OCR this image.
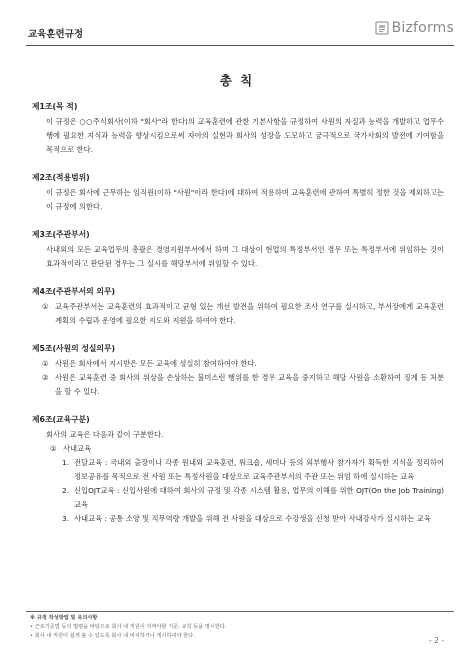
교육훈련규정	Bizforms
총 칙
제1조(목 적)
이 규정은 ○○주식회사(이하 "회사"라 한다)의 교육훈련에 관한 기본사항을 규정하여 사원의 자질과 능력을 개발하고 업무수행에 필요한 지식과 능력을 향상시킴으로써 자아의 실현과 회사의 성장을 도모하고 궁극적으로 국가사회의 발전에 기여함을 목적으로 한다.
제2조(적용범위)
이 규정은 회사에 근무하는 임직원(이하 "사원"이라 한다)에 대하여 적용하며 교육훈련에 관하여 특별히 정한 것을 제외하고는 이 규정에 의한다.
제3조(주관부서)
사내외의 모든 교육업무의 총괄은 경영지원부서에서 하며 그 대상이 현업의 특정부서인 경우 또는 특정부서에 위임하는 것이 효과적이라고 판단된 경우는 그 실시를 해당부서에 위임할 수 있다.
제4조(주관부서의 의무)
① 교육주관부서는 교육훈련의 효과적이고 균형 있는 개선 발전을 위하여 필요한 조사 연구를 실시하고, 부서장에게 교육훈련계획의 수립과 운영에 필요한 지도와 지원을 하여야 한다.
제5조(사원의 성실의무)
① 사원은 회사에서 지시받은 모든 교육에 성실히 참여하여야 한다.
② 사원은 교육훈련 중 회사의 위상을 손상하는 불미스런 행위를 한 경우 교육을 중지하고 해당 사원을 소환하여 징계 등 처분을 할 수 있다.
제6조(교육구분)
회사의 교육은 다음과 같이 구분한다.
① 사내교육
1. 전달교육 : 국내외 출장이나 각종 원내외 교육훈련, 워크숍, 세미나 등의 외부행사 참가자가 획득한 지식을 정리하여 정보공유를 목적으로 전 사원 또는 특정사원을 대상으로 교육주관부서의 주관 또는 위임 하에 실시하는 교육
2. 신입OJT교육 : 신입사원에 대하여 회사의 규정 및 각종 시스템 활용, 업무의 이해를 위한 OJT(On the Job Training) 교육
3. 사내교육 : 공통 소양 및 직무역량 개발을 위해 전 사원을 대상으로 수강생을 신청 받아 사내강사가 실시하는 교육
※ 규정 작성방법 및 유의사항
• 근로기준법 등의 법령을 바탕으로 회사 내 직원이 지켜야할 기준, 규칙 등을 명시한다.
• 회사 내 직원이 쉽게 볼 수 있도록 회사 내 비치하거나 게시하여야 한다.	- 2 -
